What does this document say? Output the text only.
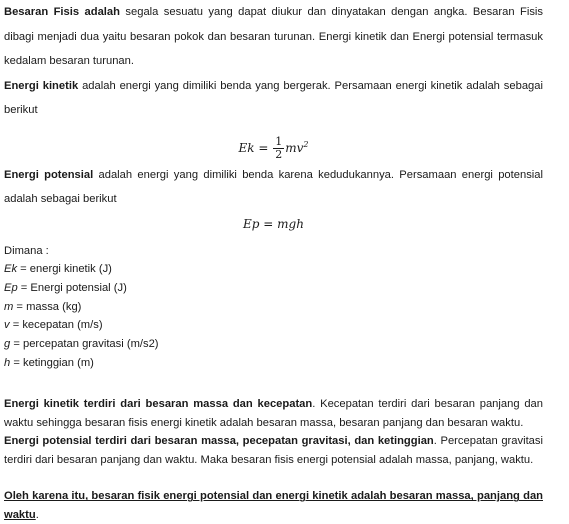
Besaran Fisis adalah segala sesuatu yang dapat diukur dan dinyatakan dengan angka. Besaran Fisis dibagi menjadi dua yaitu besaran pokok dan besaran turunan. Energi kinetik dan Energi potensial termasuk kedalam besaran turunan.

Energi kinetik adalah energi yang dimiliki benda yang bergerak. Persamaan energi kinetik adalah sebagai berikut

$Ek = \frac{1}{2} mv^2$

Energi potensial adalah energi yang dimiliki benda karena kedudukannya. Persamaan energi potensial adalah sebagai berikut

Ep = mgh
Dimana :
Ek = energi kinetik (J)
Ep = Energi potensial (J)
m = massa (kg)
v = kecepatan (m/s)
g = percepatan gravitasi (m/s2)
h = ketinggian (m)

Energi kinetik terdiri dari besaran massa dan kecepatan. Kecepatan terdiri dari besaran panjang dan waktu sehingga besaran fisis energi kinetik adalah besaran massa, besaran panjang dan besaran waktu.

Energi potensial terdiri dari besaran massa, pecepatan gravitasi, dan ketinggian. Percepatan gravitasi terdiri dari besaran panjang dan waktu. Maka besaran fisis energi potensial adalah massa, panjang, waktu.

Oleh karena itu, besaran fisik energi potensial dan energi kinetik adalah besaran massa, panjang dan waktu.
